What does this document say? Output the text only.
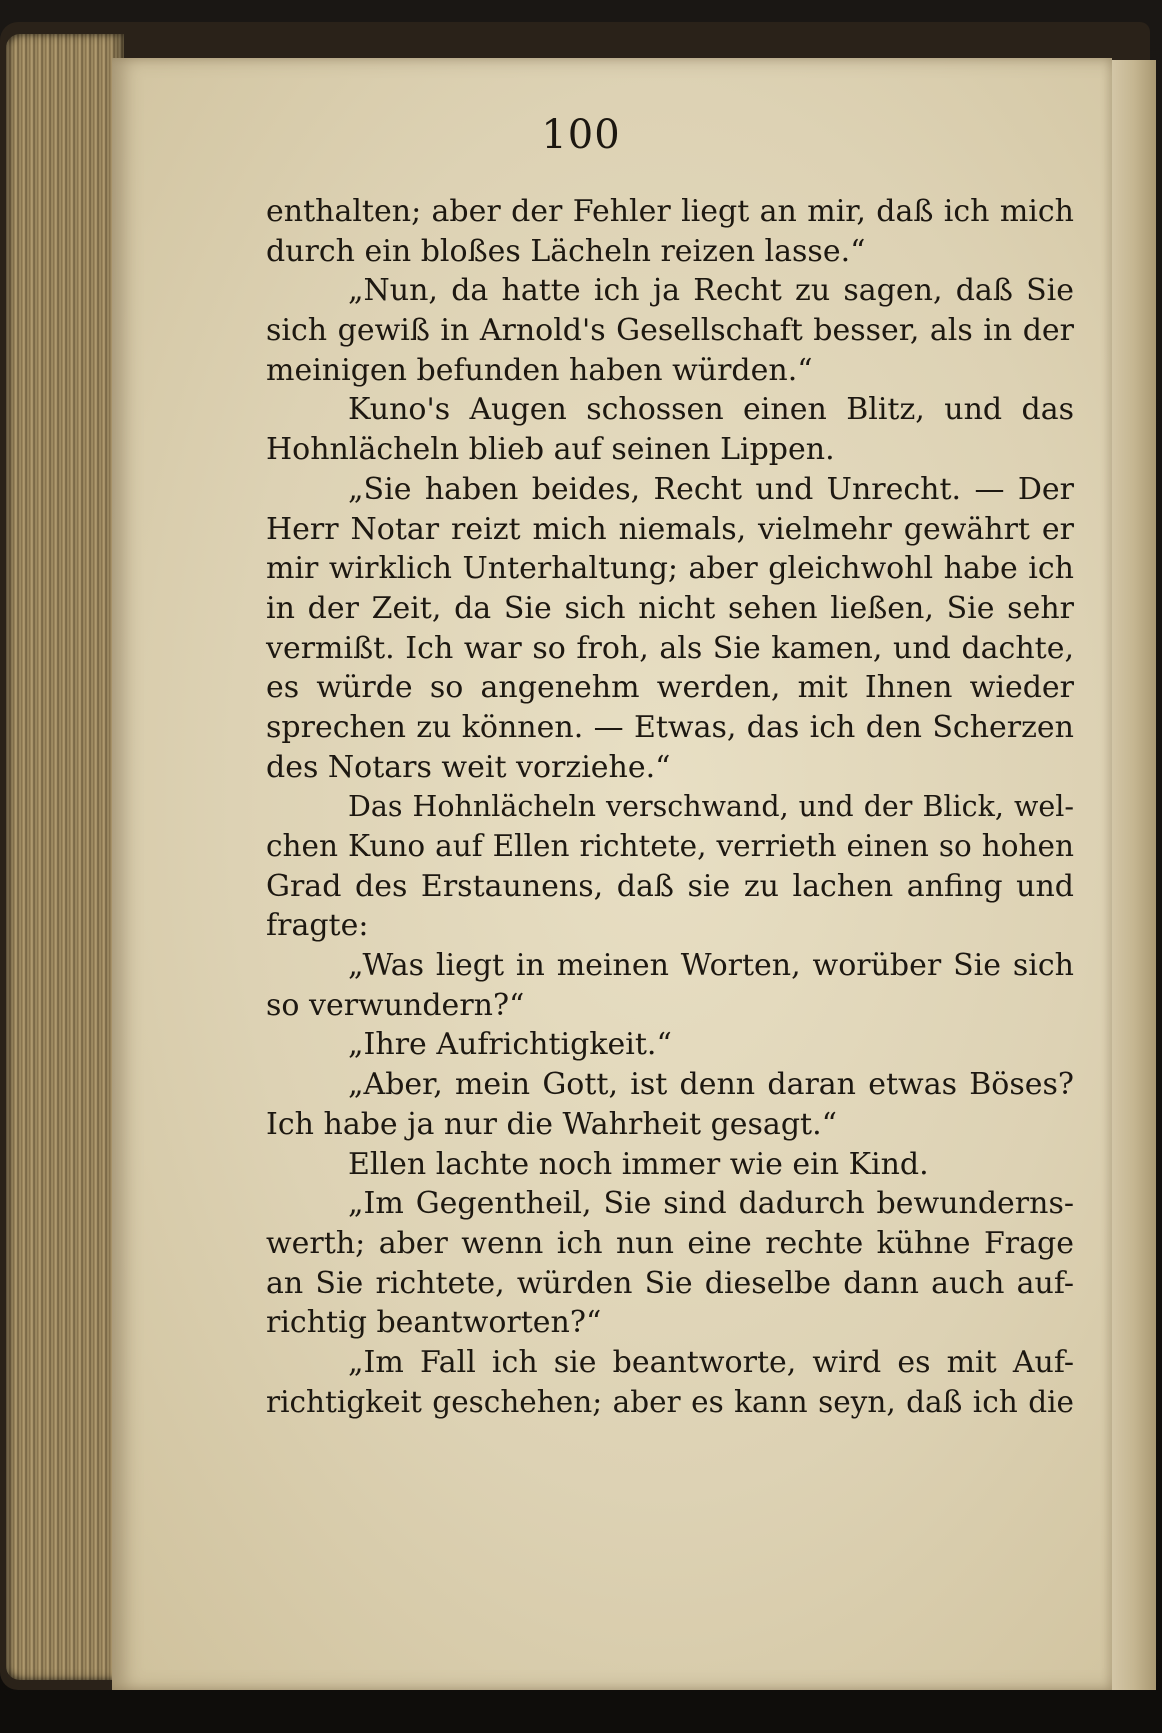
100
enthalten; aber der Fehler liegt an mir, daß ich mich
durch ein bloßes Lächeln reizen lasse.“
„Nun, da hatte ich ja Recht zu sagen, daß Sie
sich gewiß in Arnold's Gesellschaft besser, als in der
meinigen befunden haben würden.“
Kuno's Augen schossen einen Blitz, und das
Hohnlächeln blieb auf seinen Lippen.
„Sie haben beides, Recht und Unrecht. — Der
Herr Notar reizt mich niemals, vielmehr gewährt er
mir wirklich Unterhaltung; aber gleichwohl habe ich
in der Zeit, da Sie sich nicht sehen ließen, Sie sehr
vermißt. Ich war so froh, als Sie kamen, und dachte,
es würde so angenehm werden, mit Ihnen wieder
sprechen zu können. — Etwas, das ich den Scherzen
des Notars weit vorziehe.“
Das Hohnlächeln verschwand, und der Blick, wel-
chen Kuno auf Ellen richtete, verrieth einen so hohen
Grad des Erstaunens, daß sie zu lachen anfing und
fragte:
„Was liegt in meinen Worten, worüber Sie sich
so verwundern?“
„Ihre Aufrichtigkeit.“
„Aber, mein Gott, ist denn daran etwas Böses?
Ich habe ja nur die Wahrheit gesagt.“
Ellen lachte noch immer wie ein Kind.
„Im Gegentheil, Sie sind dadurch bewunderns-
werth; aber wenn ich nun eine rechte kühne Frage
an Sie richtete, würden Sie dieselbe dann auch auf-
richtig beantworten?“
„Im Fall ich sie beantworte, wird es mit Auf-
richtigkeit geschehen; aber es kann seyn, daß ich die
